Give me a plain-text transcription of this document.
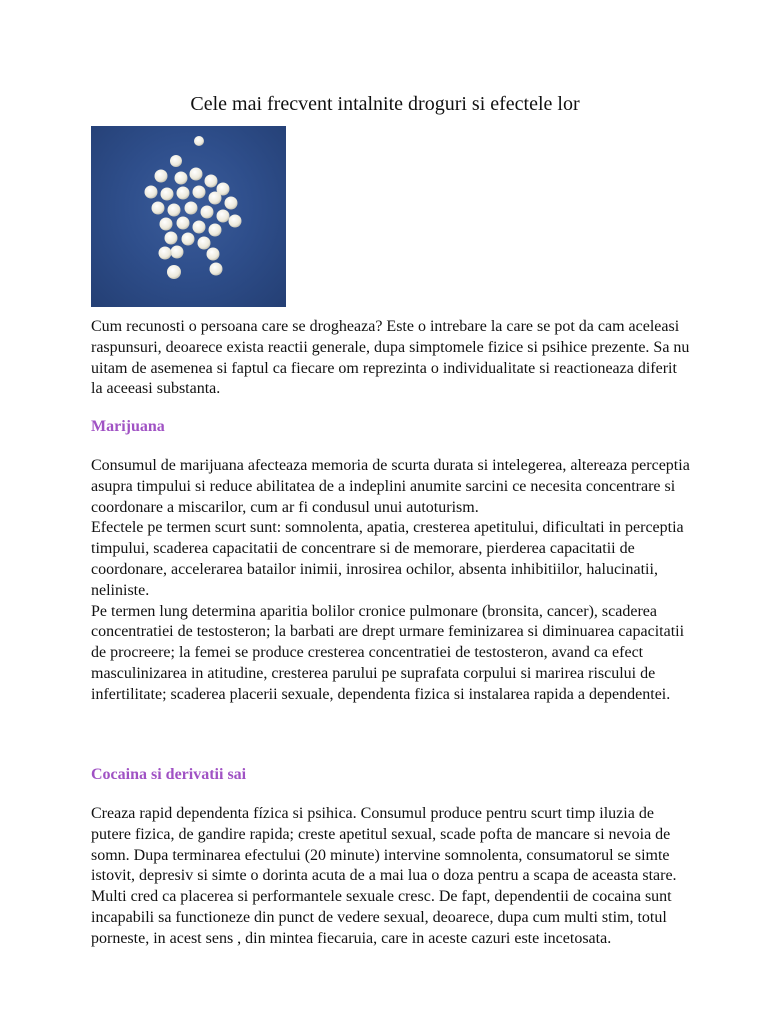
Cele mai frecvent intalnite droguri si efectele lor

Cum recunosti o persoana care se drogheaza? Este o intrebare la care se pot da cam aceleasi raspunsuri, deoarece exista reactii generale, dupa simptomele fizice si psihice prezente. Sa nu uitam de asemenea si faptul ca fiecare om reprezinta o individualitate si reactioneaza diferit la aceeasi substanta.

Marijuana
Consumul de marijuana afecteaza memoria de scurta durata si intelegerea, altereaza perceptia asupra timpului si reduce abilitatea de a indeplini anumite sarcini ce necesita concentrare si coordonare a miscarilor, cum ar fi condusul unui autoturism.
Efectele pe termen scurt sunt: somnolenta, apatia, cresterea apetitului, dificultati in perceptia timpului, scaderea capacitatii de concentrare si de memorare, pierderea capacitatii de coordonare, accelerarea batailor inimii, inrosirea ochilor, absenta inhibitiilor, halucinatii, neliniste.
Pe termen lung determina aparitia bolilor cronice pulmonare (bronsita, cancer), scaderea concentratiei de testosteron; la barbati are drept urmare feminizarea si diminuarea capacitatii de procreere; la femei se produce cresterea concentratiei de testosteron, avand ca efect masculinizarea in atitudine, cresterea parului pe suprafata corpului si marirea riscului de infertilitate; scaderea placerii sexuale, dependenta fizica si instalarea rapida a dependentei.
Cocaina si derivatii sai

Creaza rapid dependenta fízica si psihica. Consumul produce pentru scurt timp iluzia de putere fizica, de gandire rapida; creste apetitul sexual, scade pofta de mancare si nevoia de somn. Dupa terminarea efectului (20 minute) intervine somnolenta, consumatorul se simte istovit, depresiv si simte o dorinta acuta de a mai lua o doza pentru a scapa de aceasta stare. Multi cred ca placerea si performantele sexuale cresc. De fapt, dependentii de cocaina sunt incapabili sa functioneze din punct de vedere sexual, deoarece, dupa cum multi stim, totul porneste, in acest sens , din mintea fiecaruia, care in aceste cazuri este incetosata.
